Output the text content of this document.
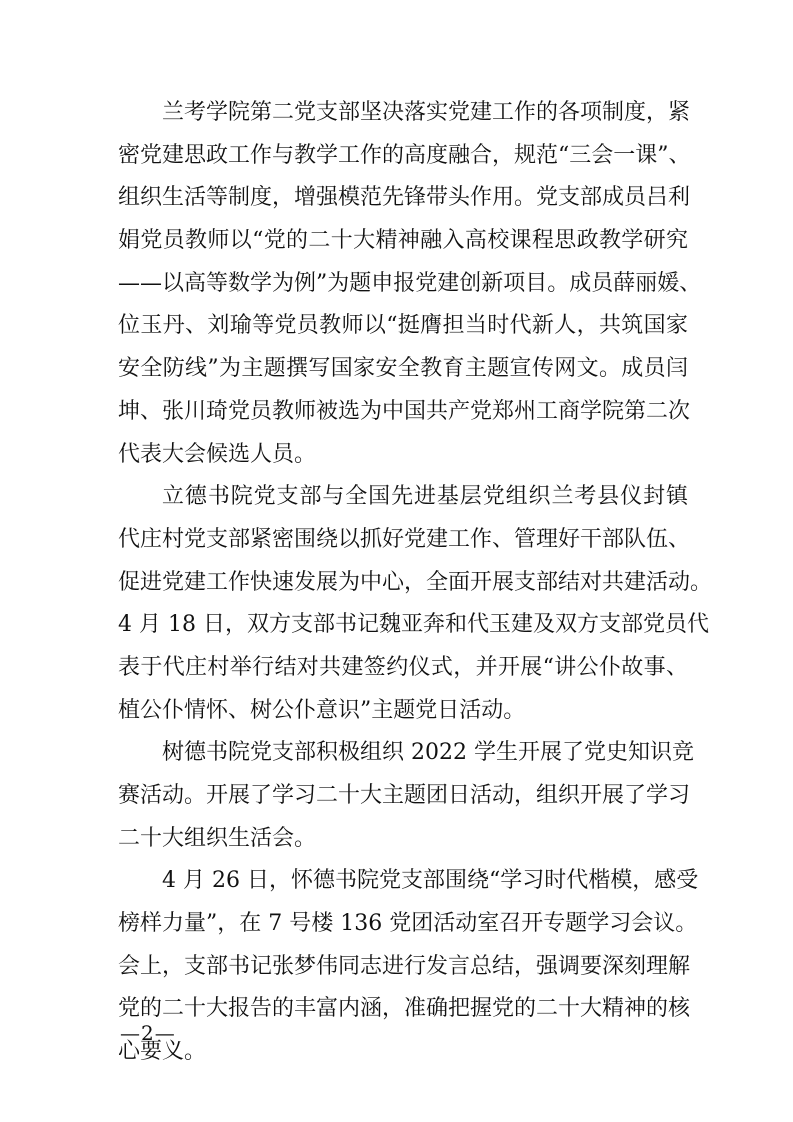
兰考学院第二党支部坚决落实党建工作的各项制度，紧
密党建思政工作与教学工作的高度融合，规范“三会一课”、
组织生活等制度，增强模范先锋带头作用。党支部成员吕利
娟党员教师以“党的二十大精神融入高校课程思政教学研究
——以高等数学为例”为题申报党建创新项目。成员薛丽媛、
位玉丹、刘瑜等党员教师以“挺膺担当时代新人，共筑国家
安全防线”为主题撰写国家安全教育主题宣传网文。成员闫
坤、张川琦党员教师被选为中国共产党郑州工商学院第二次
代表大会候选人员。
立德书院党支部与全国先进基层党组织兰考县仪封镇
代庄村党支部紧密围绕以抓好党建工作、管理好干部队伍、
促进党建工作快速发展为中心，全面开展支部结对共建活动。
4 月 18 日，双方支部书记魏亚奔和代玉建及双方支部党员代
表于代庄村举行结对共建签约仪式，并开展“讲公仆故事、
植公仆情怀、树公仆意识”主题党日活动。
树德书院党支部积极组织 2022 学生开展了党史知识竞
赛活动。开展了学习二十大主题团日活动，组织开展了学习
二十大组织生活会。
4 月 26 日，怀德书院党支部围绕“学习时代楷模，感受
榜样力量”，在 7 号楼 136 党团活动室召开专题学习会议。
会上，支部书记张梦伟同志进行发言总结，强调要深刻理解
党的二十大报告的丰富内涵，准确把握党的二十大精神的核
心要义。
—2—
